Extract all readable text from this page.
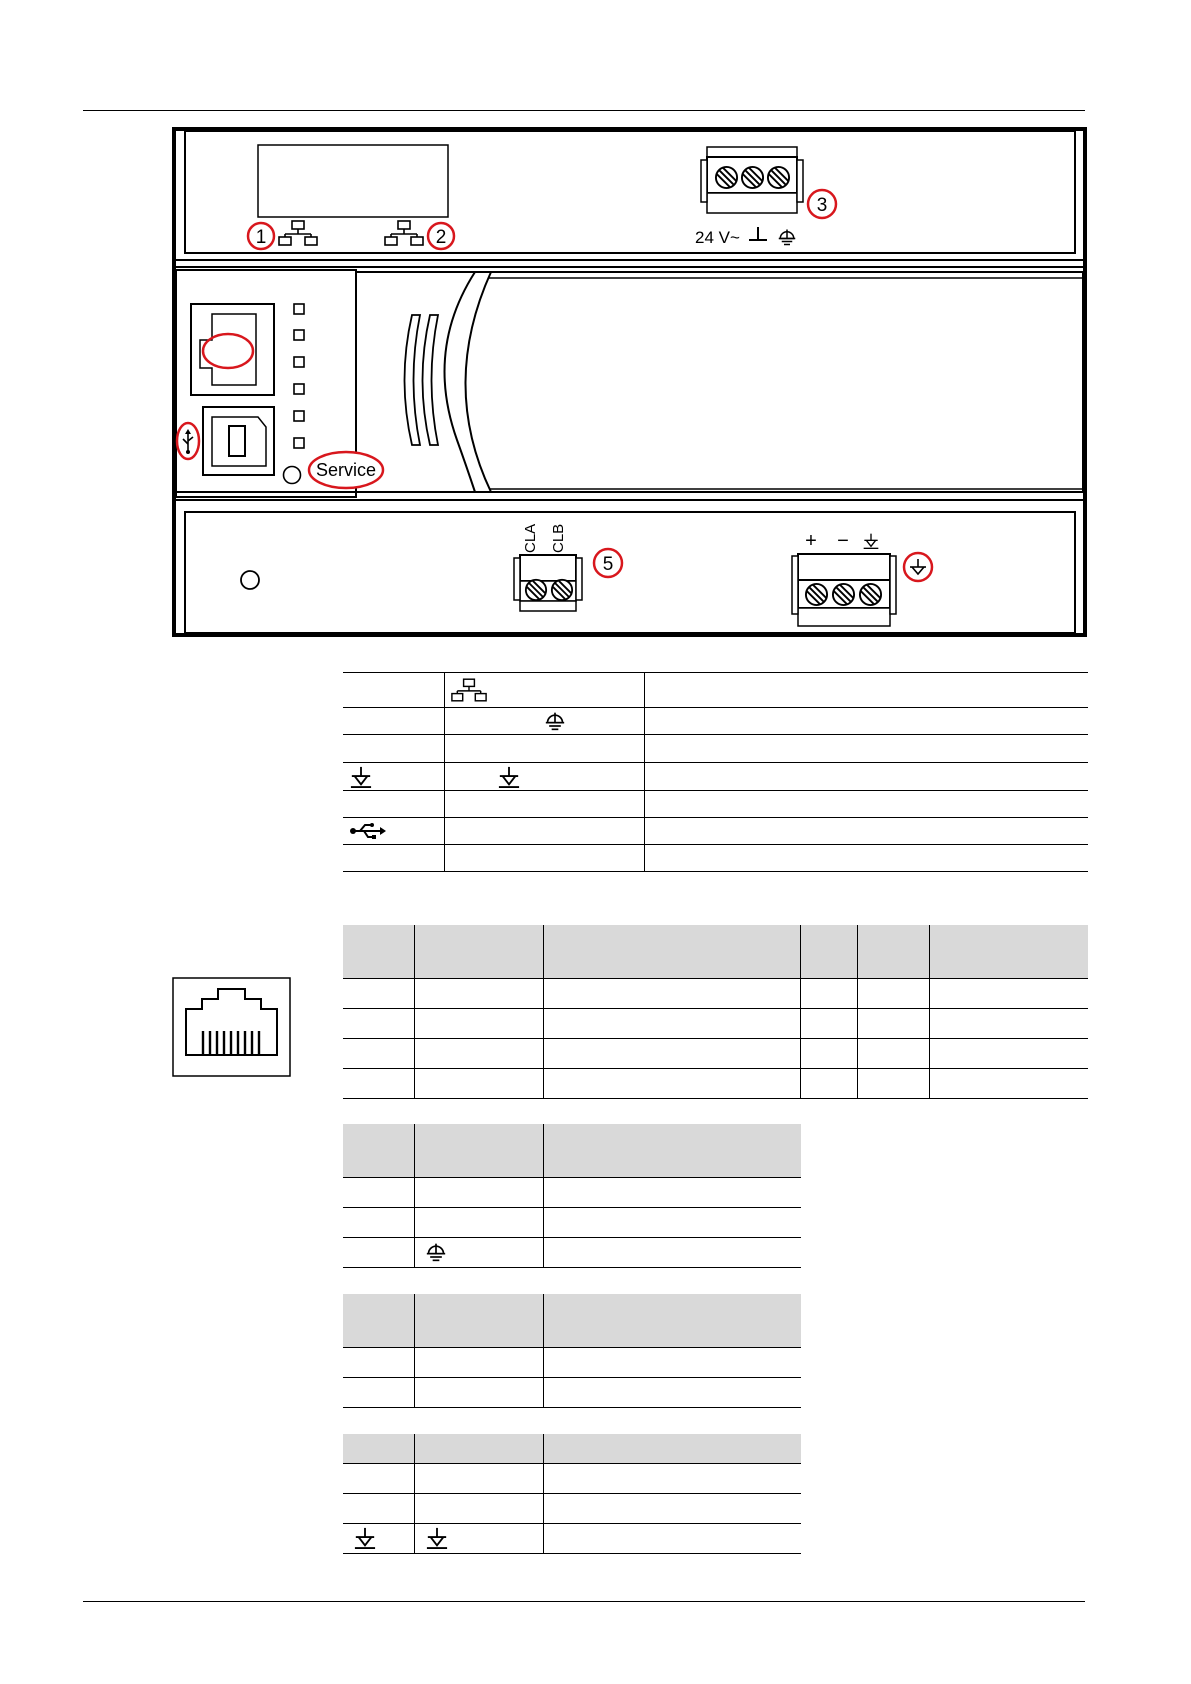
1	2
3
24 V~
Service
CLA CLB
5
+ −
